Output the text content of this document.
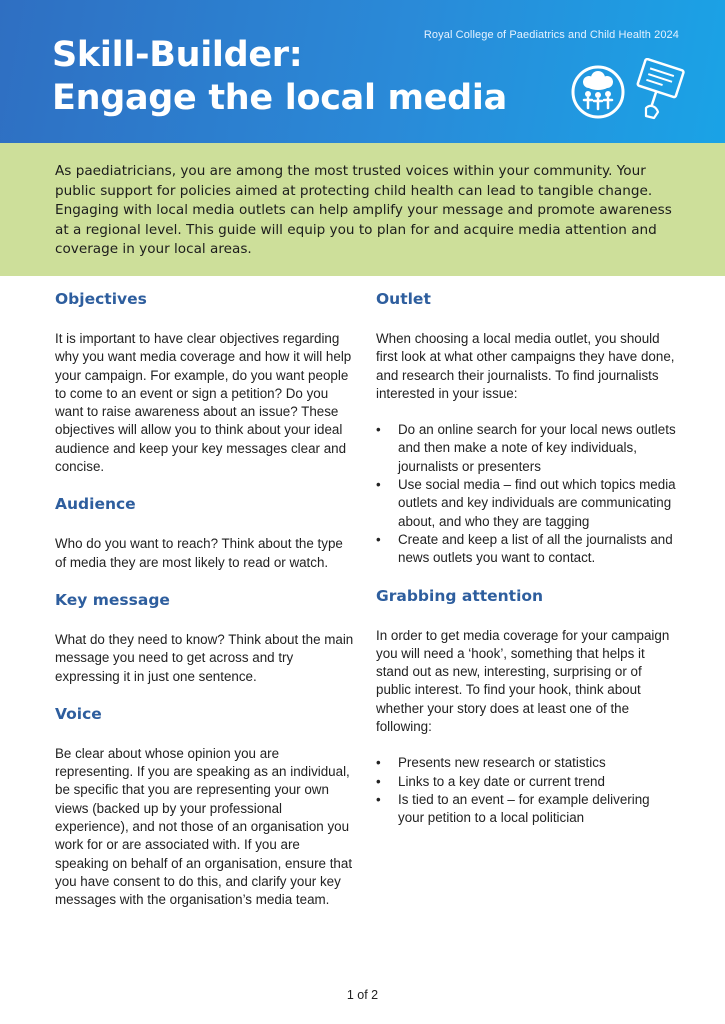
Royal College of Paediatrics and Child Health 2024
Skill-Builder:
Engage the local media

As paediatricians, you are among the most trusted voices within your community. Your public support for policies aimed at protecting child health can lead to tangible change. Engaging with local media outlets can help amplify your message and promote awareness at a regional level. This guide will equip you to plan for and acquire media attention and coverage in your local areas.

Objectives

It is important to have clear objectives regarding why you want media coverage and how it will help your campaign. For example, do you want people to come to an event or sign a petition? Do you want to raise awareness about an issue? These objectives will allow you to think about your ideal audience and keep your key messages clear and concise.

Audience

Who do you want to reach? Think about the type of media they are most likely to read or watch.

Key message

What do they need to know? Think about the main message you need to get across and try expressing it in just one sentence.

Voice

Be clear about whose opinion you are representing. If you are speaking as an individual, be specific that you are representing your own views (backed up by your professional experience), and not those of an organisation you work for or are associated with. If you are speaking on behalf of an organisation, ensure that you have consent to do this, and clarify your key messages with the organisation’s media team.

Outlet

When choosing a local media outlet, you should first look at what other campaigns they have done, and research their journalists. To find journalists interested in your issue:

•	Do an online search for your local news outlets and then make a note of key individuals, journalists or presenters
•	Use social media – find out which topics media outlets and key individuals are communicating about, and who they are tagging
•	Create and keep a list of all the journalists and news outlets you want to contact.
Grabbing attention

In order to get media coverage for your campaign you will need a ‘hook’, something that helps it stand out as new, interesting, surprising or of public interest. To find your hook, think about whether your story does at least one of the following:

•	Presents new research or statistics
•	Links to a key date or current trend
•	Is tied to an event – for example delivering your petition to a local politician
1 of 2
